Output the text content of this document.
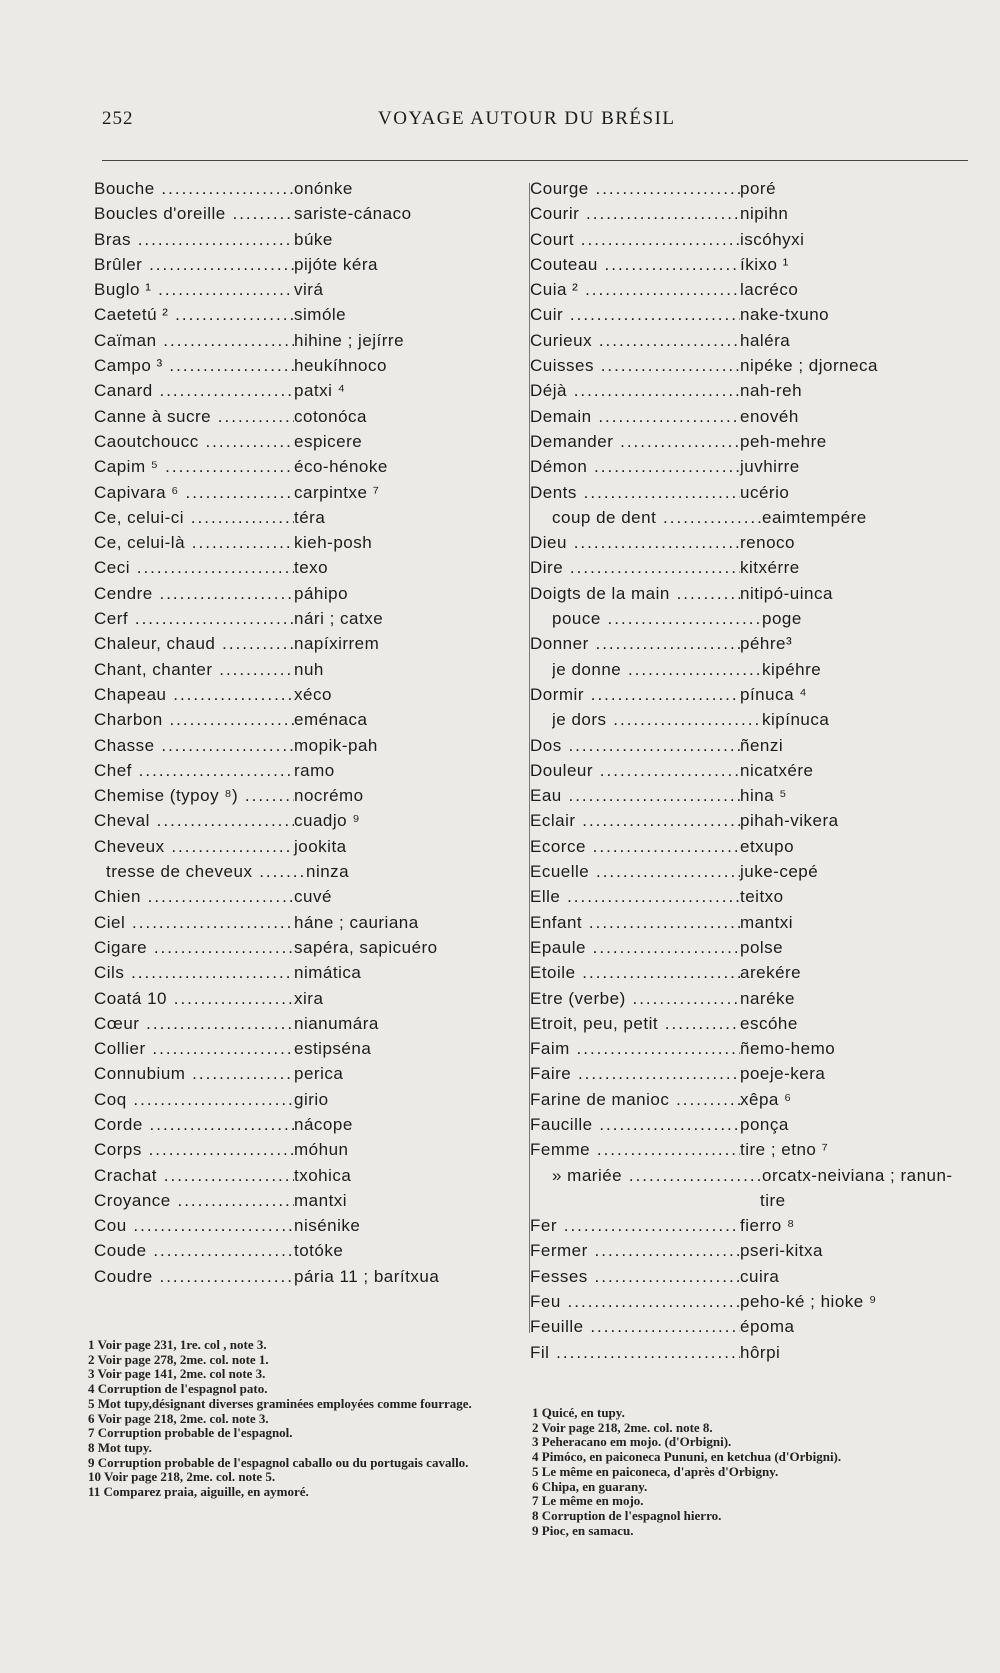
252	VOYAGE AUTOUR DU BRÉSIL
Bouche .....	onónke
Boucles d'oreille .....	sariste-cánaco
Bras .....	búke
Brûler .....	pijóte kéra
Buglo ¹ .....	virá
Caetetú ² .....	simóle
Caïman .....	hihine ; jejírre
Campo ³ .....	heukíhnoco
Canard .....	patxi ⁴
Canne à sucre .....	cotonóca
Caoutchoucc .....	espicere
Capim ⁵ .....	éco-hénoke
Capivara ⁶ .....	carpintxe ⁷
Ce, celui-ci .....	téra
Ce, celui-là .....	kieh-posh
Ceci .....	texo
Cendre .....	páhipo
Cerf .....	nári ; catxe
Chaleur, chaud .....	napíxirrem
Chant, chanter .....	nuh
Chapeau .....	xéco
Charbon .....	eménaca
Chasse .....	mopik-pah
Chef .....	ramo
Chemise (typoy ⁸) .....	nocrémo
Cheval .....	cuadjo ⁹
Cheveux .....	jookita
tresse de cheveux .....	ninza
Chien .....	cuvé
Ciel .....	háne ; cauriana
Cigare .....	sapéra, sapicuéro
Cils .....	nimática
Coatá 10 .....	xira
Cœur .....	nianumára
Collier .....	estipséna
Connubium .....	perica
Coq .....	girio
Corde .....	nácope
Corps .....	móhun
Crachat .....	txohica
Croyance .....	mantxi
Cou .....	nisénike
Coude .....	totóke
Coudre .....	pária 11 ; barítxua
Courge .....	poré
Courir .....	nipihn
Court .....	iscóhyxi
Couteau .....	íkixo ¹
Cuia ² .....	lacréco
Cuir .....	nake-txuno
Curieux .....	haléra
Cuisses .....	nipéke ; djorneca
Déjà .....	nah-reh
Demain .....	enovéh
Demander .....	peh-mehre
Démon .....	juvhirre
Dents .....	ucério
coup de dent .....	eaimtempére
Dieu .....	renoco
Dire .....	kitxérre
Doigts de la main .....	nitipó-uinca
pouce .....	poge
Donner .....	péhre³
je donne .....	kipéhre
Dormir .....	pínuca ⁴
je dors .....	kipínuca
Dos .....	ñenzi
Douleur .....	nicatxére
Eau .....	hina ⁵
Eclair .....	pihah-vikera
Ecorce .....	etxupo
Ecuelle .....	juke-cepé
Elle .....	teitxo
Enfant .....	mantxi
Epaule .....	polse
Etoile .....	arekére
Etre (verbe) .....	naréke
Etroit, peu, petit .....	escóhe
Faim .....	ñemo-hemo
Faire .....	poeje-kera
Farine de manioc .....	xêpa ⁶
Faucille .....	ponça
Femme .....	tire ; etno ⁷
» mariée .....	orcatx-neiviana ; ranun-
tire
Fer .....	fierro ⁸
Fermer .....	pseri-kitxa
Fesses .....	cuira
Feu .....	peho-ké ; hioke ⁹
Feuille .....	époma
Fil .....	hôrpi
1 Voir page 231, 1re. col , note 3.
2 Voir page 278, 2me. col. note 1.
3 Voir page 141, 2me. col note 3.
4 Corruption de l'espagnol pato.
5 Mot tupy,désignant diverses graminées employées comme fourrage.
6 Voir page 218, 2me. col. note 3.
7 Corruption probable de l'espagnol.
8 Mot tupy.
9 Corruption probable de l'espagnol caballo ou du portugais cavallo.
10 Voir page 218, 2me. col. note 5.
11 Comparez praia, aiguille, en aymoré.
1 Quicé, en tupy.
2 Voir page 218, 2me. col. note 8.
3 Peheracano em mojo. (d'Orbigni).
4 Pimóco, en paiconeca Pununi, en ketchua (d'Orbigni).
5 Le même en paiconeca, d'après d'Orbigny.
6 Chipa, en guarany.
7 Le même en mojo.
8 Corruption de l'espagnol hierro.
9 Pioc, en samacu.
